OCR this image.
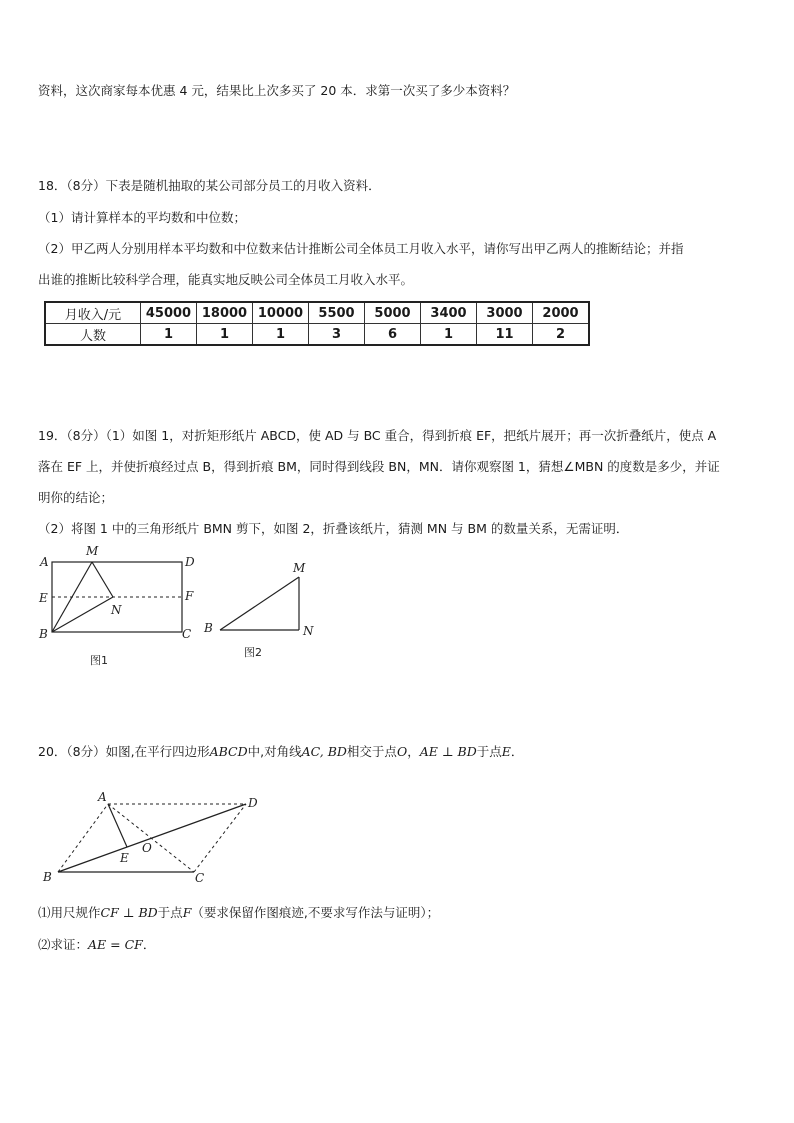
资料，这次商家每本优惠 4 元，结果比上次多买了 20 本．求第一次买了多少本资料？
18．（8分）下表是随机抽取的某公司部分员工的月收入资料．
（1）请计算样本的平均数和中位数；
（2）甲乙两人分别用样本平均数和中位数来估计推断公司全体员工月收入水平，请你写出甲乙两人的推断结论；并指
出谁的推断比较科学合理，能真实地反映公司全体员工月收入水平。
月收入/元	45000	18000	10000	5500	5000	3400	3000	2000
人数	1	1	1	3	6	1	11	2
19．（8分）（1）如图 1，对折矩形纸片 ABCD，使 AD 与 BC 重合，得到折痕 EF，把纸片展开；再一次折叠纸片，使点 A
落在 EF 上，并使折痕经过点 B，得到折痕 BM，同时得到线段 BN，MN．请你观察图 1，猜想∠MBN 的度数是多少，并证
明你的结论；
（2）将图 1 中的三角形纸片 BMN 剪下，如图 2，折叠该纸片，猜测 MN 与 BM 的数量关系，无需证明．
A
M
D
E	F
N
B	C
图1
M
B	N
图2
20．（8分）如图,在平行四边形ABCD中,对角线AC, BD相交于点O，AE ⊥ BD于点E．
A	D
O
E
B	C
⑴用尺规作CF ⊥ BD于点F（要求保留作图痕迹,不要求写作法与证明）；
⑵求证：AE = CF．
